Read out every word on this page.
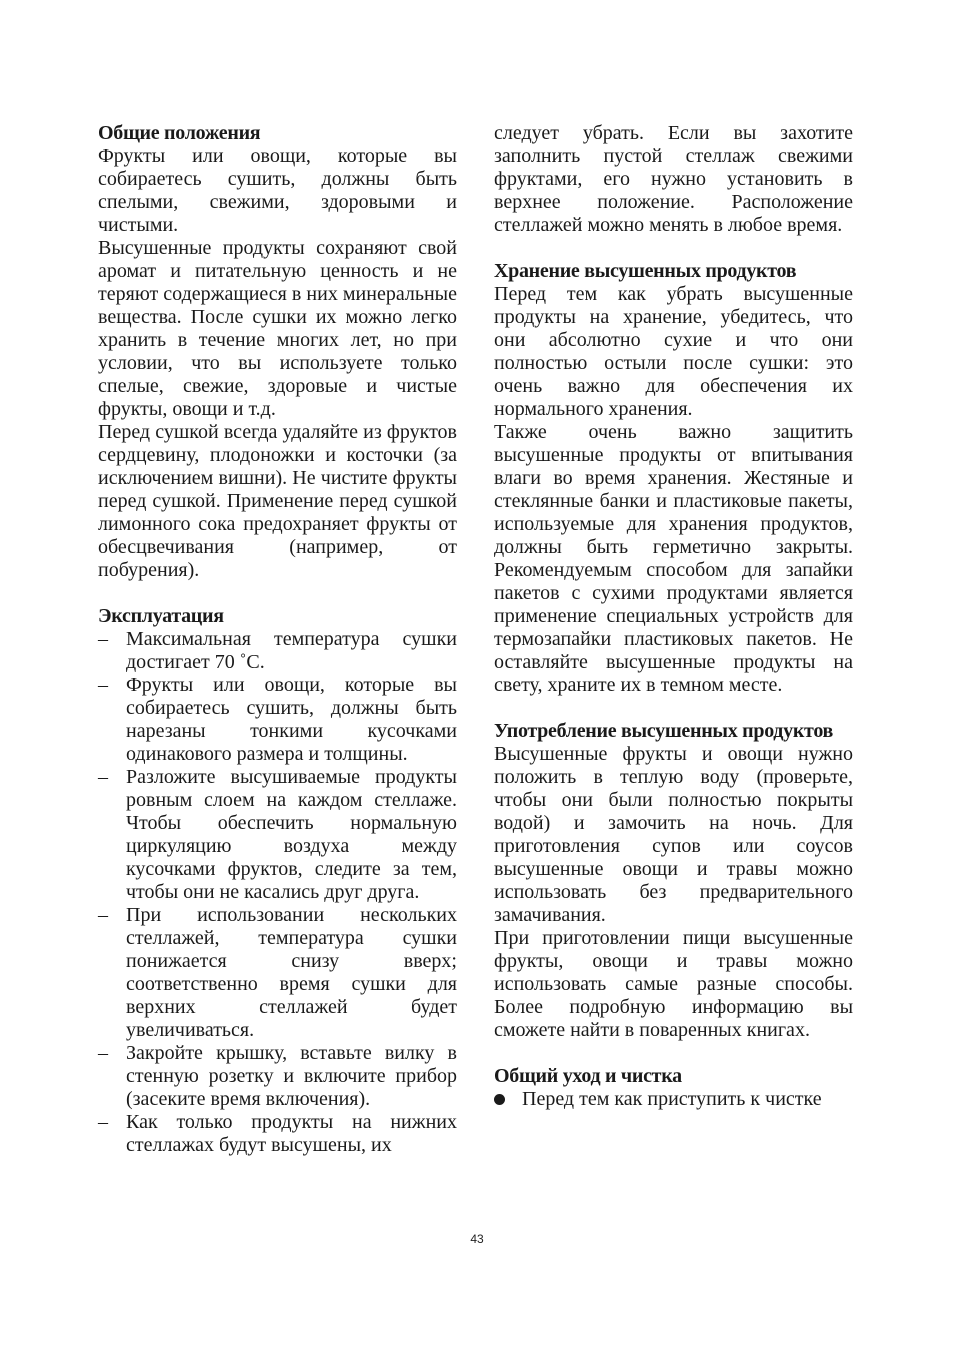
Общие положения

Фрукты или овощи, которые вы собираетесь сушить, должны быть спелыми, свежими, здоровыми и чистыми.

Высушенные продукты сохраняют свой аромат и питательную ценность и не теряют содержащиеся в них минеральные вещества. После сушки их можно легко хранить в течение многих лет, но при условии, что вы используете только спелые, свежие, здоровые и чистые фрукты, овощи и т.д.

Перед сушкой всегда удаляйте из фруктов сердцевину, плодоножки и косточки (за исключением вишни). Не чистите фрукты перед сушкой. Применение перед сушкой лимонного сока предохраняет фрукты от обесцвечивания (например, от побурения).

Эксплуатация
–
Максимальная температура сушки достигает 70 ˚С.
–
Фрукты или овощи, которые вы собираетесь сушить, должны быть нарезаны тонкими кусочками одинакового размера и толщины.
–
Разложите высушиваемые продукты ровным слоем на каждом стеллаже. Чтобы обеспечить нормальную циркуляцию воздуха между кусочками фруктов, следите за тем, чтобы они не касались друг друга.
–
При использовании нескольких стеллажей, температура сушки понижается снизу вверх; соответственно время сушки для верхних стеллажей будет увеличиваться.
–
Закройте крышку, вставьте вилку в стенную розетку и включите прибор (засеките время включения).
–
Как только продукты на нижних стеллажах будут высушены, их

следует убрать. Если вы захотите заполнить пустой стеллаж свежими фруктами, его нужно установить в верхнее положение. Расположение стеллажей можно менять в любое время.

Хранение высушенных продуктов

Перед тем как убрать высушенные продукты на хранение, убедитесь, что они абсолютно сухие и что они полностью остыли после сушки: это очень важно для обеспечения их нормального хранения.

Также очень важно защитить высушенные продукты от впитывания влаги во время хранения. Жестяные и стеклянные банки и пластиковые пакеты, используемые для хранения продуктов, должны быть герметично закрыты. Рекомендуемым способом для запайки пакетов с сухими продуктами является применение специальных устройств для термозапайки пластиковых пакетов. Не оставляйте высушенные продукты на свету, храните их в темном месте.

Употребление высушенных продуктов

Высушенные фрукты и овощи нужно положить в теплую воду (проверьте, чтобы они были полностью покрыты водой) и замочить на ночь. Для приготовления супов или соусов высушенные овощи и травы можно использовать без предварительного замачивания.

При приготовлении пищи высушенные фрукты, овощи и травы можно использовать самые разные способы. Более подробную информацию вы сможете найти в поваренных книгах.

Общий уход и чистка
Перед тем как приступить к чистке
43
